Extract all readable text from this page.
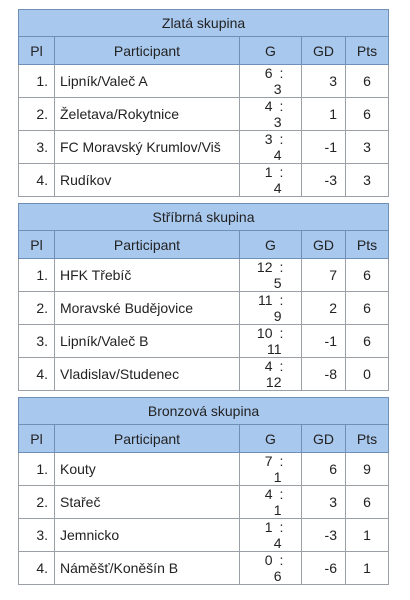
Zlatá skupina				
Pl	Participant	G	GD	Pts
1.	Lipník/Valeč A	6 :3	3	6
2.	Želetava/Rokytnice	4 :3	1	6
3.	FC Moravský Krumlov/Viš	3 :4	-1	3
4.	Rudíkov	1 :4	-3	3
Stříbrná skupina				
Pl	Participant	G	GD	Pts
1.	HFK Třebíč	12 :5	7	6
2.	Moravské Budějovice	11 :9	2	6
3.	Lipník/Valeč B	10 :11	-1	6
4.	Vladislav/Studenec	4 :12	-8	0
Bronzová skupina				
Pl	Participant	G	GD	Pts
1.	Kouty	7 :1	6	9
2.	Stařeč	4 :1	3	6
3.	Jemnicko	1 :4	-3	1
4.	Náměšť/Koněšín B	0 :6	-6	1
